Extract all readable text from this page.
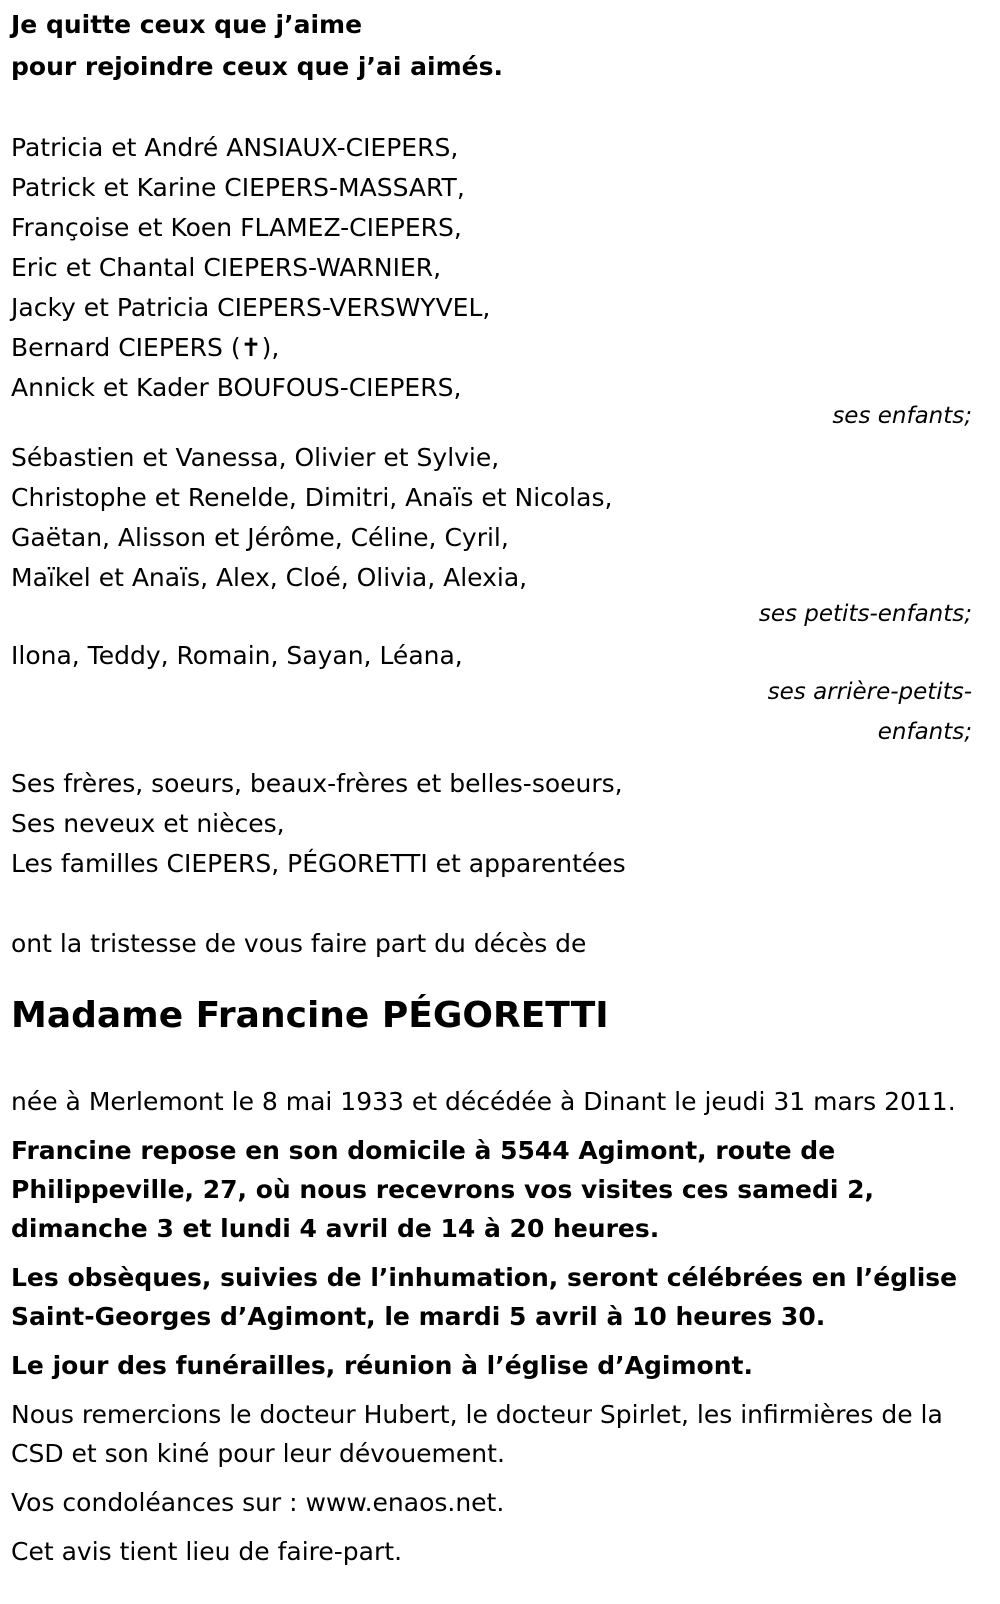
Je quitte ceux que j’aime
pour rejoindre ceux que j’ai aimés.
Patricia et André ANSIAUX-CIEPERS,
Patrick et Karine CIEPERS-MASSART,
Françoise et Koen FLAMEZ-CIEPERS,
Eric et Chantal CIEPERS-WARNIER,
Jacky et Patricia CIEPERS-VERSWYVEL,
Bernard CIEPERS (✝),
Annick et Kader BOUFOUS-CIEPERS,
ses enfants;
Sébastien et Vanessa, Olivier et Sylvie,
Christophe et Renelde, Dimitri, Anaïs et Nicolas,
Gaëtan, Alisson et Jérôme, Céline, Cyril,
Maïkel et Anaïs, Alex, Cloé, Olivia, Alexia,
ses petits-enfants;
Ilona, Teddy, Romain, Sayan, Léana,
ses arrière-petits-
enfants;
Ses frères, soeurs, beaux-frères et belles-soeurs,
Ses neveux et nièces,
Les familles CIEPERS, PÉGORETTI et apparentées
ont la tristesse de vous faire part du décès de
Madame Francine PÉGORETTI
née à Merlemont le 8 mai 1933 et décédée à Dinant le jeudi 31 mars 2011.
Francine repose en son domicile à 5544 Agimont, route de Philippeville, 27, où nous recevrons vos visites ces samedi 2, dimanche 3 et lundi 4 avril de 14 à 20 heures.
Les obsèques, suivies de l’inhumation, seront célébrées en l’église Saint-Georges d’Agimont, le mardi 5 avril à 10 heures 30.
Le jour des funérailles, réunion à l’église d’Agimont.
Nous remercions le docteur Hubert, le docteur Spirlet, les infirmières de la CSD et son kiné pour leur dévouement.
Vos condoléances sur : www.enaos.net.
Cet avis tient lieu de faire-part.
